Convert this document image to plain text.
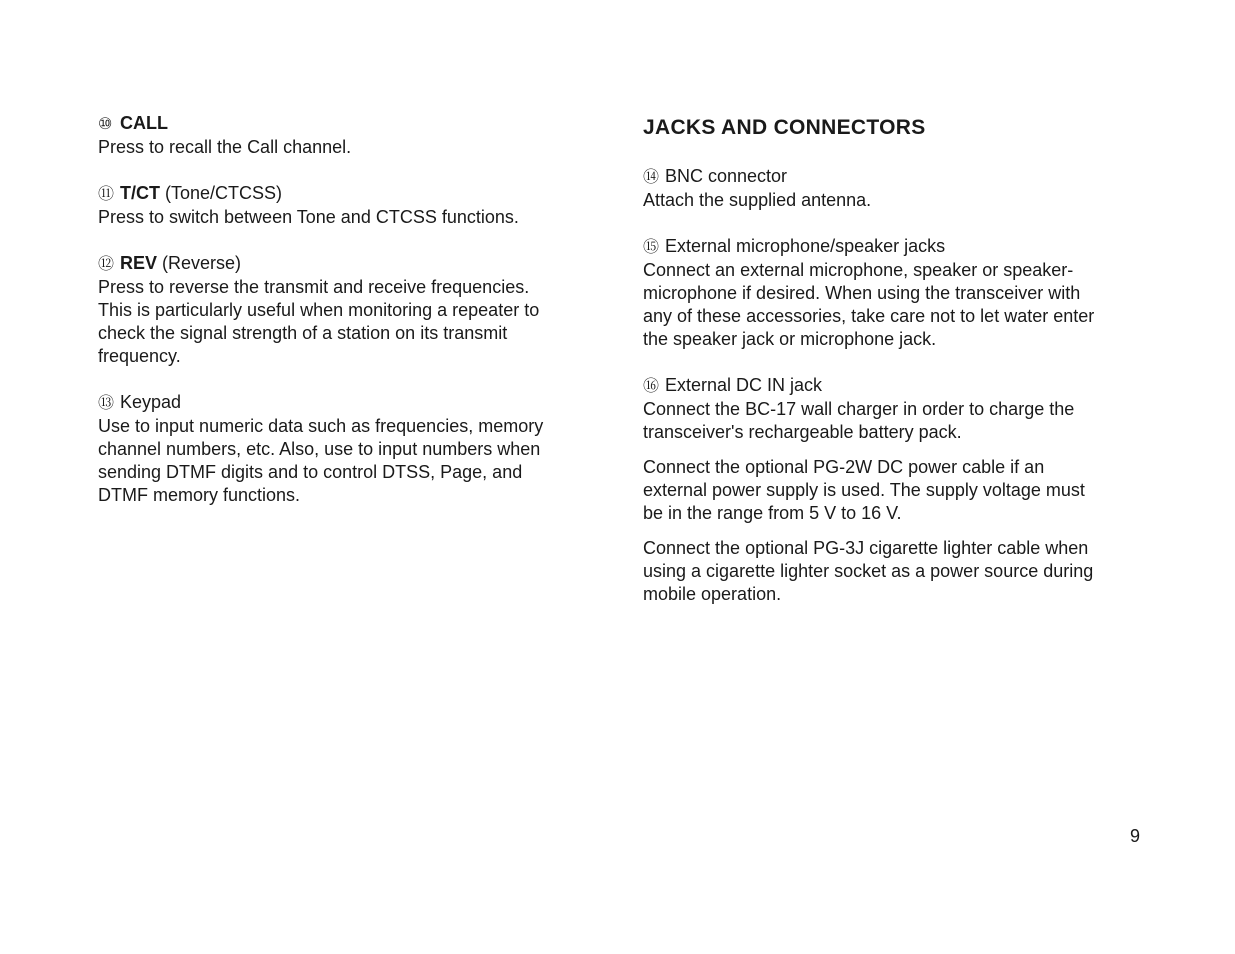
⑩ CALL

Press to recall the Call channel.

⑪ T/CT (Tone/CTCSS)

Press to switch between Tone and CTCSS functions.

⑫ REV (Reverse)

Press to reverse the transmit and receive frequencies.
This is particularly useful when monitoring a repeater to
check the signal strength of a station on its transmit
frequency.

⑬ Keypad

Use to input numeric data such as frequencies, memory
channel numbers, etc. Also, use to input numbers when
sending DTMF digits and to control DTSS, Page, and
DTMF memory functions.

JACKS AND CONNECTORS
⑭ BNC connector

Attach the supplied antenna.

⑮ External microphone/speaker jacks

Connect an external microphone, speaker or speaker-
microphone if desired. When using the transceiver with
any of these accessories, take care not to let water enter
the speaker jack or microphone jack.

⑯ External DC IN jack

Connect the BC-17 wall charger in order to charge the
transceiver's rechargeable battery pack.

Connect the optional PG-2W DC power cable if an
external power supply is used. The supply voltage must
be in the range from 5 V to 16 V.

Connect the optional PG-3J cigarette lighter cable when
using a cigarette lighter socket as a power source during
mobile operation.

9
